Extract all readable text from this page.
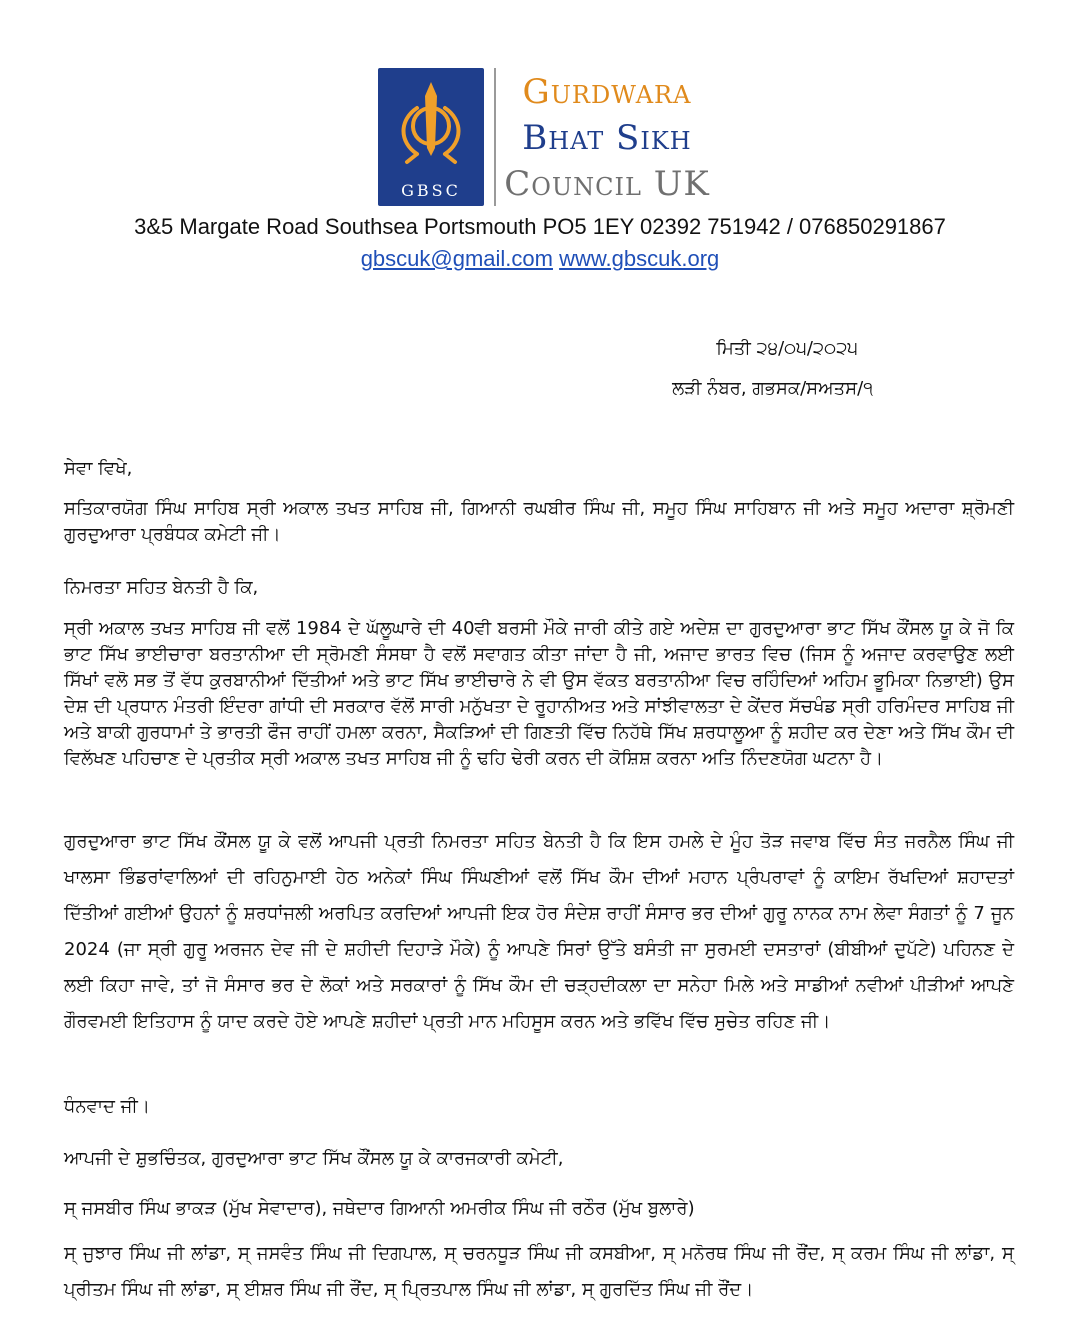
GBSC
Gurdwara
Bhat Sikh
Council UK
3&5 Margate Road Southsea Portsmouth PO5 1EY 02392 751942 / 076850291867
gbscuk@gmail.com www.gbscuk.org
ਮਿਤੀ ੨੪/੦੫/੨੦੨੫
ਲੜੀ ਨੰਬਰ, ਗਭਸਕ/ਸਅਤਸ/੧

ਸੇਵਾ ਵਿਖੇ,

ਸਤਿਕਾਰਯੋਗ ਸਿੰਘ ਸਾਹਿਬ ਸ੍ਰੀ ਅਕਾਲ ਤਖਤ ਸਾਹਿਬ ਜੀ, ਗਿਆਨੀ ਰਘਬੀਰ ਸਿੰਘ ਜੀ, ਸਮੂਹ ਸਿੰਘ ਸਾਹਿਬਾਨ ਜੀ ਅਤੇ ਸਮੂਹ ਅਦਾਰਾ ਸ਼੍ਰੋਮਣੀ ਗੁਰਦੁਆਰਾ ਪ੍ਰਬੰਧਕ ਕਮੇਟੀ ਜੀ।

ਨਿਮਰਤਾ ਸਹਿਤ ਬੇਨਤੀ ਹੈ ਕਿ,

ਸ੍ਰੀ ਅਕਾਲ ਤਖਤ ਸਾਹਿਬ ਜੀ ਵਲੋਂ 1984 ਦੇ ਘੱਲੂਘਾਰੇ ਦੀ 40ਵੀ ਬਰਸੀ ਮੌਕੇ ਜਾਰੀ ਕੀਤੇ ਗਏ ਅਦੇਸ਼ ਦਾ ਗੁਰਦੁਆਰਾ ਭਾਟ ਸਿੱਖ ਕੌਂਸਲ ਯੂ ਕੇ ਜੋ ਕਿ ਭਾਟ ਸਿੱਖ ਭਾਈਚਾਰਾ ਬਰਤਾਨੀਆ ਦੀ ਸ੍ਰੋਮਣੀ ਸੰਸਥਾ ਹੈ ਵਲੋਂ ਸਵਾਗਤ ਕੀਤਾ ਜਾਂਦਾ ਹੈ ਜੀ, ਅਜਾਦ ਭਾਰਤ ਵਿਚ (ਜਿਸ ਨੂੰ ਅਜਾਦ ਕਰਵਾਉਣ ਲਈ ਸਿੱਖਾਂ ਵਲੋ ਸਭ ਤੋਂ ਵੱਧ ਕੁਰਬਾਨੀਆਂ ਦਿੱਤੀਆਂ ਅਤੇ ਭਾਟ ਸਿੱਖ ਭਾਈਚਾਰੇ ਨੇ ਵੀ ਉਸ ਵੱਕਤ ਬਰਤਾਨੀਆ ਵਿਚ ਰਹਿੰਦਿਆਂ ਅਹਿਮ ਭੂਮਿਕਾ ਨਿਭਾਈ) ਉਸ ਦੇਸ਼ ਦੀ ਪ੍ਰਧਾਨ ਮੰਤਰੀ ਇੰਦਰਾ ਗਾਂਧੀ ਦੀ ਸਰਕਾਰ ਵੱਲੋਂ ਸਾਰੀ ਮਨੁੱਖਤਾ ਦੇ ਰੂਹਾਨੀਅਤ ਅਤੇ ਸਾਂਝੀਵਾਲਤਾ ਦੇ ਕੇਂਦਰ ਸੱਚਖੰਡ ਸ੍ਰੀ ਹਰਿਮੰਦਰ ਸਾਹਿਬ ਜੀ ਅਤੇ ਬਾਕੀ ਗੁਰਧਾਮਾਂ ਤੇ ਭਾਰਤੀ ਫੌਜ ਰਾਹੀਂ ਹਮਲਾ ਕਰਨਾ, ਸੈਕੜਿਆਂ ਦੀ ਗਿਣਤੀ ਵਿੱਚ ਨਿਹੱਥੇ ਸਿੱਖ ਸ਼ਰਧਾਲੂਆ ਨੂੰ ਸ਼ਹੀਦ ਕਰ ਦੇਣਾ ਅਤੇ ਸਿੱਖ ਕੌਮ ਦੀ ਵਿਲੱਖਣ ਪਹਿਚਾਣ ਦੇ ਪ੍ਰਤੀਕ ਸ੍ਰੀ ਅਕਾਲ ਤਖਤ ਸਾਹਿਬ ਜੀ ਨੂੰ ਢਹਿ ਢੇਰੀ ਕਰਨ ਦੀ ਕੋਸ਼ਿਸ਼ ਕਰਨਾ ਅਤਿ ਨਿੰਦਣਯੋਗ ਘਟਨਾ ਹੈ।

ਗੁਰਦੁਆਰਾ ਭਾਟ ਸਿੱਖ ਕੌਂਸਲ ਯੂ ਕੇ ਵਲੋਂ ਆਪਜੀ ਪ੍ਰਤੀ ਨਿਮਰਤਾ ਸਹਿਤ ਬੇਨਤੀ ਹੈ ਕਿ ਇਸ ਹਮਲੇ ਦੇ ਮੂੰਹ ਤੋੜ ਜਵਾਬ ਵਿੱਚ ਸੰਤ ਜਰਨੈਲ ਸਿੰਘ ਜੀ ਖਾਲਸਾ ਭਿੰਡਰਾਂਵਾਲਿਆਂ ਦੀ ਰਹਿਨੁਮਾਈ ਹੇਠ ਅਨੇਕਾਂ ਸਿੰਘ ਸਿੰਘਣੀਆਂ ਵਲੋਂ ਸਿੱਖ ਕੌਮ ਦੀਆਂ ਮਹਾਨ ਪ੍ਰੰਪਰਾਵਾਂ ਨੂੰ ਕਾਇਮ ਰੱਖਦਿਆਂ ਸ਼ਹਾਦਤਾਂ ਦਿੱਤੀਆਂ ਗਈਆਂ ਉਹਨਾਂ ਨੂੰ ਸ਼ਰਧਾਂਜਲੀ ਅਰਪਿਤ ਕਰਦਿਆਂ ਆਪਜੀ ਇਕ ਹੋਰ ਸੰਦੇਸ਼ ਰਾਹੀਂ ਸੰਸਾਰ ਭਰ ਦੀਆਂ ਗੁਰੂ ਨਾਨਕ ਨਾਮ ਲੇਵਾ ਸੰਗਤਾਂ ਨੂੰ 7 ਜੂਨ 2024 (ਜਾ ਸ੍ਰੀ ਗੁਰੂ ਅਰਜਨ ਦੇਵ ਜੀ ਦੇ ਸ਼ਹੀਦੀ ਦਿਹਾੜੇ ਮੌਕੇ) ਨੂੰ ਆਪਣੇ ਸਿਰਾਂ ਉੱਤੇ ਬਸੰਤੀ ਜਾ ਸੁਰਮਈ ਦਸਤਾਰਾਂ (ਬੀਬੀਆਂ ਦੁਪੱਟੇ) ਪਹਿਨਣ ਦੇ ਲਈ ਕਿਹਾ ਜਾਵੇ, ਤਾਂ ਜੋ ਸੰਸਾਰ ਭਰ ਦੇ ਲੋਕਾਂ ਅਤੇ ਸਰਕਾਰਾਂ ਨੂੰ ਸਿੱਖ ਕੌਮ ਦੀ ਚੜ੍ਹਦੀਕਲਾ ਦਾ ਸਨੇਹਾ ਮਿਲੇ ਅਤੇ ਸਾਡੀਆਂ ਨਵੀਆਂ ਪੀੜੀਆਂ ਆਪਣੇ ਗੌਰਵਮਈ ਇਤਿਹਾਸ ਨੂੰ ਯਾਦ ਕਰਦੇ ਹੋਏ ਆਪਣੇ ਸ਼ਹੀਦਾਂ ਪ੍ਰਤੀ ਮਾਨ ਮਹਿਸੂਸ ਕਰਨ ਅਤੇ ਭਵਿੱਖ ਵਿੱਚ ਸੁਚੇਤ ਰਹਿਣ ਜੀ।

ਧੰਨਵਾਦ ਜੀ।

ਆਪਜੀ ਦੇ ਸ਼ੁਭਚਿੰਤਕ, ਗੁਰਦੁਆਰਾ ਭਾਟ ਸਿੱਖ ਕੌਂਸਲ ਯੂ ਕੇ ਕਾਰਜਕਾਰੀ ਕਮੇਟੀ,

ਸ੍ ਜਸਬੀਰ ਸਿੰਘ ਭਾਕੜ (ਮੁੱਖ ਸੇਵਾਦਾਰ), ਜਥੇਦਾਰ ਗਿਆਨੀ ਅਮਰੀਕ ਸਿੰਘ ਜੀ ਰਠੌਰ (ਮੁੱਖ ਬੁਲਾਰੇ)

ਸ੍ ਜੁਝਾਰ ਸਿੰਘ ਜੀ ਲਾਂਡਾ, ਸ੍ ਜਸਵੰਤ ਸਿੰਘ ਜੀ ਦਿਗਪਾਲ, ਸ੍ ਚਰਨਧੂੜ ਸਿੰਘ ਜੀ ਕਸਬੀਆ, ਸ੍ ਮਨੋਰਥ ਸਿੰਘ ਜੀ ਰੌਂਦ, ਸ੍ ਕਰਮ ਸਿੰਘ ਜੀ ਲਾਂਡਾ, ਸ੍ ਪ੍ਰੀਤਮ ਸਿੰਘ ਜੀ ਲਾਂਡਾ, ਸ੍ ਈਸ਼ਰ ਸਿੰਘ ਜੀ ਰੌਂਦ, ਸ੍ ਪ੍ਰਿਤਪਾਲ ਸਿੰਘ ਜੀ ਲਾਂਡਾ, ਸ੍ ਗੁਰਦਿੱਤ ਸਿੰਘ ਜੀ ਰੌਂਦ।
